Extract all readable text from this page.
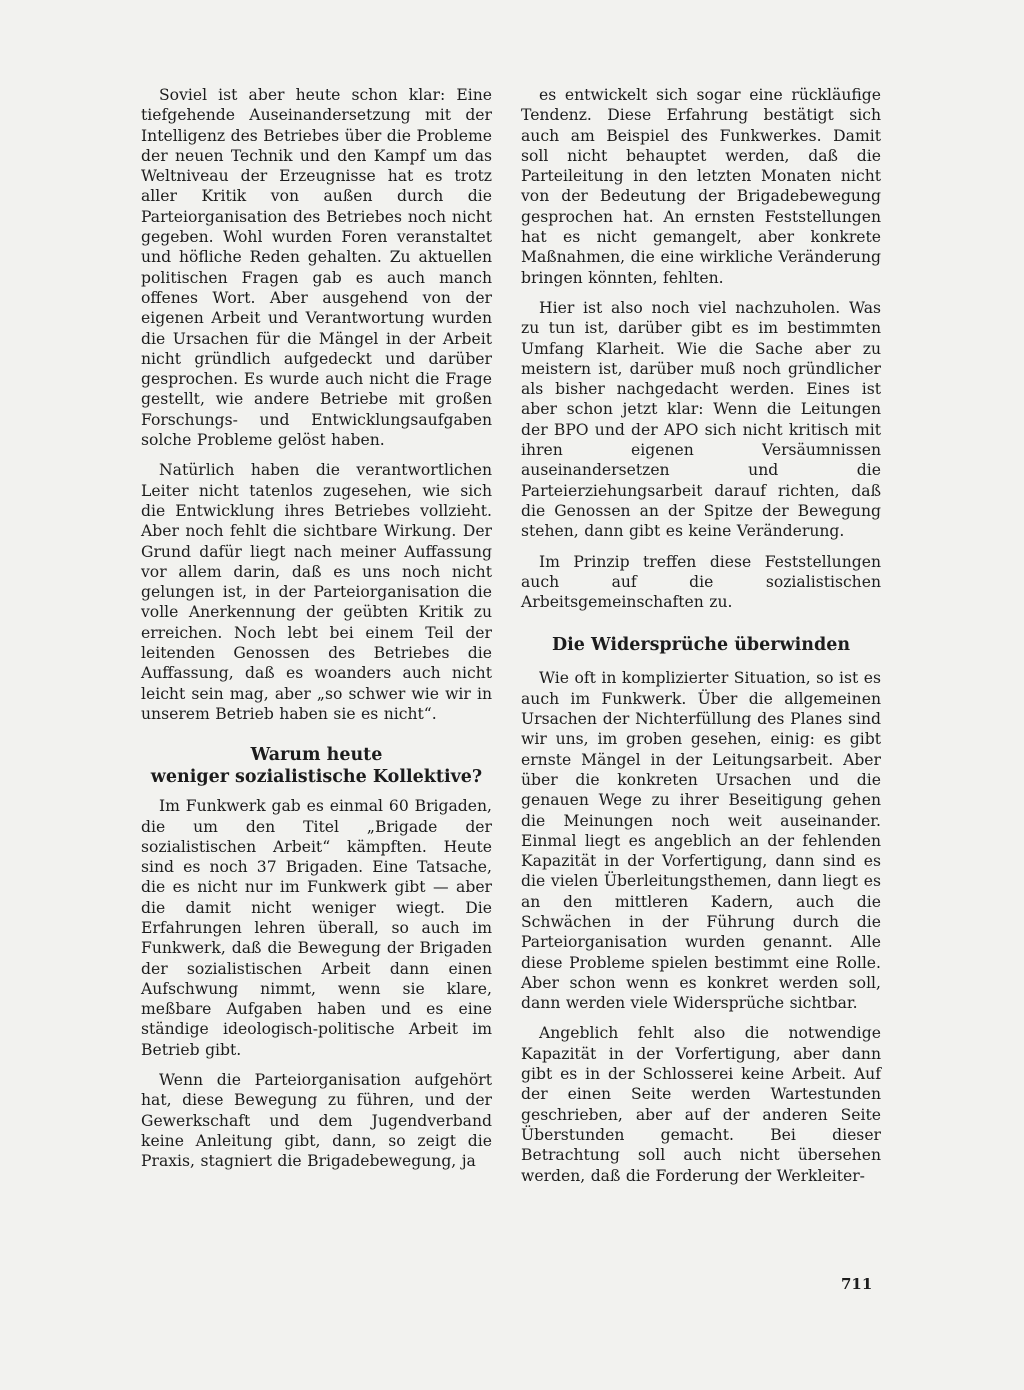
Soviel ist aber heute schon klar: Eine tiefgehende Auseinandersetzung mit der Intelligenz des Betriebes über die Probleme der neuen Technik und den Kampf um das Weltniveau der Erzeugnisse hat es trotz aller Kritik von außen durch die Parteiorganisation des Betriebes noch nicht gegeben. Wohl wurden Foren veranstaltet und höfliche Reden gehalten. Zu aktuellen politischen Fragen gab es auch manch offenes Wort. Aber ausgehend von der eigenen Arbeit und Verantwortung wurden die Ursachen für die Mängel in der Arbeit nicht gründlich aufgedeckt und darüber gesprochen. Es wurde auch nicht die Frage gestellt, wie andere Betriebe mit großen Forschungs- und Entwicklungsaufgaben solche Probleme gelöst haben.

Natürlich haben die verantwortlichen Leiter nicht tatenlos zugesehen, wie sich die Entwicklung ihres Betriebes vollzieht. Aber noch fehlt die sichtbare Wirkung. Der Grund dafür liegt nach meiner Auffassung vor allem darin, daß es uns noch nicht gelungen ist, in der Parteiorganisation die volle Anerkennung der geübten Kritik zu erreichen. Noch lebt bei einem Teil der leitenden Genossen des Betriebes die Auffassung, daß es woanders auch nicht leicht sein mag, aber „so schwer wie wir in unserem Betrieb haben sie es nicht“.

Warum heute
weniger sozialistische Kollektive?

Im Funkwerk gab es einmal 60 Brigaden, die um den Titel „Brigade der sozialistischen Arbeit“ kämpften. Heute sind es noch 37 Brigaden. Eine Tatsache, die es nicht nur im Funkwerk gibt — aber die damit nicht weniger wiegt. Die Erfahrungen lehren überall, so auch im Funkwerk, daß die Bewegung der Brigaden der sozialistischen Arbeit dann einen Aufschwung nimmt, wenn sie klare, meßbare Aufgaben haben und es eine ständige ideologisch-politische Arbeit im Betrieb gibt.

Wenn die Parteiorganisation aufgehört hat, diese Bewegung zu führen, und der Gewerkschaft und dem Jugendverband keine Anleitung gibt, dann, so zeigt die Praxis, stagniert die Brigadebewegung, ja

es entwickelt sich sogar eine rückläufige Tendenz. Diese Erfahrung bestätigt sich auch am Beispiel des Funkwerkes. Damit soll nicht behauptet werden, daß die Parteileitung in den letzten Monaten nicht von der Bedeutung der Brigadebewegung gesprochen hat. An ernsten Feststellungen hat es nicht gemangelt, aber konkrete Maßnahmen, die eine wirkliche Veränderung bringen könnten, fehlten.

Hier ist also noch viel nachzuholen. Was zu tun ist, darüber gibt es im bestimmten Umfang Klarheit. Wie die Sache aber zu meistern ist, darüber muß noch gründlicher als bisher nachgedacht werden. Eines ist aber schon jetzt klar: Wenn die Leitungen der BPO und der APO sich nicht kritisch mit ihren eigenen Versäumnissen auseinandersetzen und die Parteierziehungsarbeit darauf richten, daß die Genossen an der Spitze der Bewegung stehen, dann gibt es keine Veränderung.

Im Prinzip treffen diese Feststellungen auch auf die sozialistischen Arbeitsgemeinschaften zu.

Die Widersprüche überwinden

Wie oft in komplizierter Situation, so ist es auch im Funkwerk. Über die allgemeinen Ursachen der Nichterfüllung des Planes sind wir uns, im groben gesehen, einig: es gibt ernste Mängel in der Leitungsarbeit. Aber über die konkreten Ursachen und die genauen Wege zu ihrer Beseitigung gehen die Meinungen noch weit auseinander. Einmal liegt es angeblich an der fehlenden Kapazität in der Vorfertigung, dann sind es die vielen Überleitungsthemen, dann liegt es an den mittleren Kadern, auch die Schwächen in der Führung durch die Parteiorganisation wurden genannt. Alle diese Probleme spielen bestimmt eine Rolle. Aber schon wenn es konkret werden soll, dann werden viele Widersprüche sichtbar.

Angeblich fehlt also die notwendige Kapazität in der Vorfertigung, aber dann gibt es in der Schlosserei keine Arbeit. Auf der einen Seite werden Wartestunden geschrieben, aber auf der anderen Seite Überstunden gemacht. Bei dieser Betrachtung soll auch nicht übersehen werden, daß die Forderung der Werkleiter-

711
